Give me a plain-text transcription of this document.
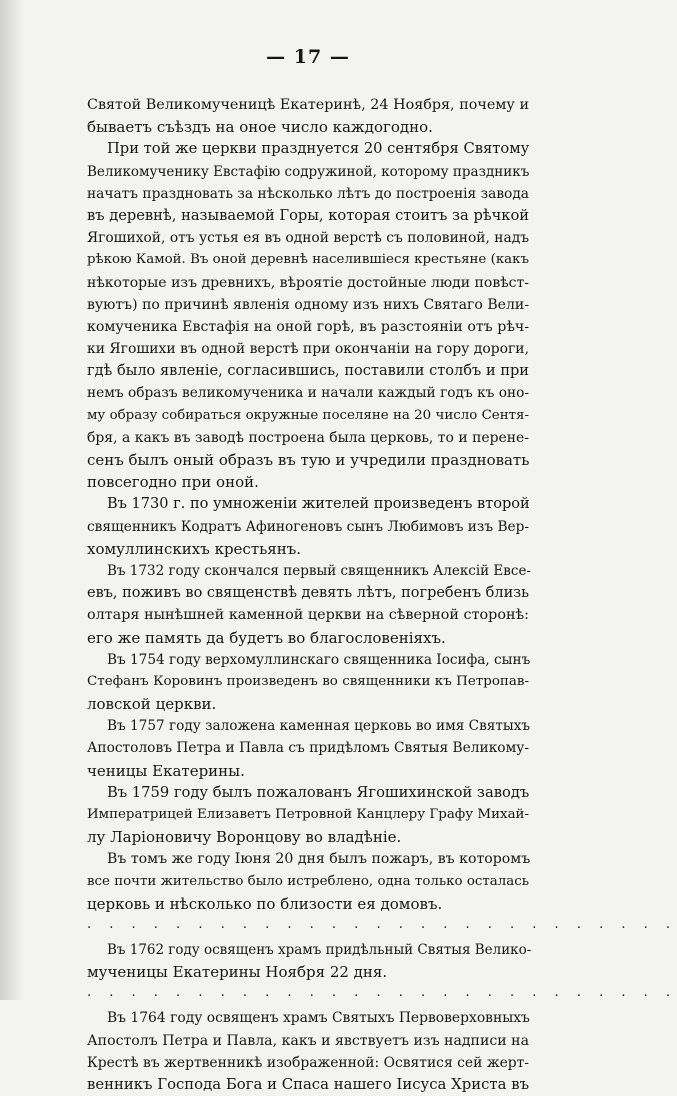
— 17 —
Святой Великомученицѣ Екатеринѣ, 24 Ноября, почему и
бываетъ съѣздъ на оное число каждогодно.
При той же церкви празднуется 20 сентября Святому
Великомученику Евстафію содружиной, которому праздникъ
начатъ праздновать за нѣсколько лѣтъ до построенія завода
въ деревнѣ, называемой Горы, которая стоитъ за рѣчкой
Ягошихой, отъ устья ея въ одной верстѣ съ половиной, надъ
рѣкою Камой. Въ оной деревнѣ населившіеся крестьяне (какъ
нѣкоторые изъ древнихъ, вѣроятіе достойные люди повѣст-
вуютъ) по причинѣ явленія одному изъ нихъ Святаго Вели-
комученика Евстафія на оной горѣ, въ разстояніи отъ рѣч-
ки Ягошихи въ одной верстѣ при окончаніи на гору дороги,
гдѣ было явленіе, согласившись, поставили столбъ и при
немъ образъ великомученика и начали каждый годъ къ оно-
му образу собираться окружные поселяне на 20 число Сентя-
бря, а какъ въ заводѣ построена была церковь, то и перене-
сенъ былъ оный образъ въ тую и учредили праздновать
повсегодно при оной.
Въ 1730 г. по умноженіи жителей произведенъ второй
священникъ Кодратъ Афиногеновъ сынъ Любимовъ изъ Вер-
хомуллинскихъ крестьянъ.
Въ 1732 году скончался первый священникъ Алексій Евсе-
евъ, поживъ во священствѣ девять лѣтъ, погребенъ близь
олтаря нынѣшней каменной церкви на сѣверной сторонѣ:
его же память да будетъ во благословеніяхъ.
Въ 1754 году верхомуллинскаго священника Іосифа, сынъ
Стефанъ Коровинъ произведенъ во священники къ Петропав-
ловской церкви.
Въ 1757 году заложена каменная церковь во имя Святыхъ
Апостоловъ Петра и Павла съ придѣломъ Святыя Великому-
ченицы Екатерины.
Въ 1759 году былъ пожалованъ Ягошихинской заводъ
Императрицей Елизаветъ Петровной Канцлеру Графу Михай-
лу Ларіоновичу Воронцову во владѣніе.
Въ томъ же году Іюня 20 дня былъ пожаръ, въ которомъ
все почти жительство было истреблено, одна только осталась
церковь и нѣсколько по близости ея домовъ.
. . . . . . . . . . . . . . . . . . . . . . . . . . .
Въ 1762 году освященъ храмъ придѣльный Святыя Велико-
мученицы Екатерины Ноября 22 дня.
. . . . . . . . . . . . . . . . . . . . . . . . . . .
Въ 1764 году освященъ храмъ Святыхъ Первоверховныхъ
Апостолъ Петра и Павла, какъ и явствуетъ изъ надписи на
Крестѣ въ жертвенникѣ изображенной: Освятися сей жерт-
венникъ Господа Бога и Спаса нашего Іисуса Христа въ
